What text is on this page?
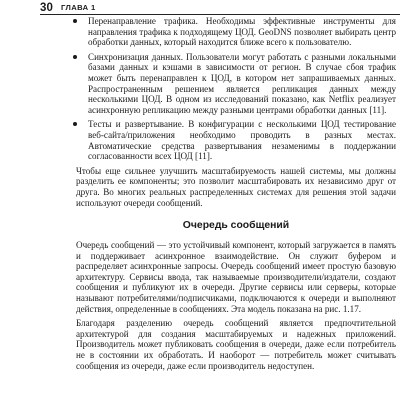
30 ГЛАВА 1
Перенаправление трафика. Необходимы эффективные инструменты для направления трафика к подходящему ЦОД. GeoDNS позволяет выбирать центр обработки данных, который находится ближе всего к пользователю.
Синхронизация данных. Пользователи могут работать с разными локальными базами данных и кэшами в зависимости от регион. В случае сбоя трафик может быть перенаправлен к ЦОД, в котором нет запрашиваемых данных. Распространенным решением является репликация данных между несколькими ЦОД. В одном из исследований показано, как Netflix реализует асинхронную репликацию между разными центрами обработки данных [11].
Тесты и развертывание. В конфигурации с несколькими ЦОД тестирование веб-сайта/приложения необходимо проводить в разных местах. Автоматические средства развертывания незаменимы в поддержании согласованности всех ЦОД [11].

Чтобы еще сильнее улучшить масштабируемость нашей системы, мы должны разделить ее компоненты; это позволит масштабировать их независимо друг от друга. Во многих реальных распределенных системах для решения этой задачи используют очереди сообщений.

Очередь сообщений

Очередь сообщений — это устойчивый компонент, который загружается в память и поддерживает асинхронное взаимодействие. Он служит буфером и распределяет асинхронные запросы. Очередь сообщений имеет простую базовую архитектуру. Сервисы ввода, так называемые производители/издатели, создают сообщения и публикуют их в очереди. Другие сервисы или серверы, которые называют потребителями/подписчиками, подключаются к очереди и выполняют действия, определенные в сообщениях. Эта модель показана на рис. 1.17.

Благодаря разделению очередь сообщений является предпочтительной архитектурой для создания масштабируемых и надежных приложений. Производитель может публиковать сообщения в очереди, даже если потребитель не в состоянии их обработать. И наоборот — потребитель может считывать сообщения из очереди, даже если производитель недоступен.
